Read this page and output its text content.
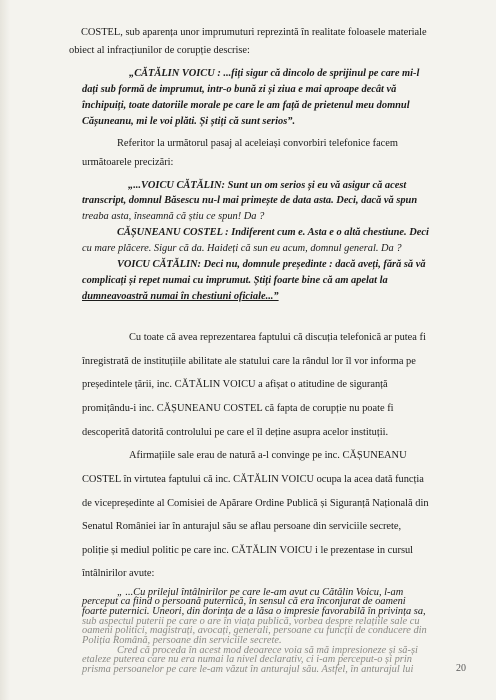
COSTEL, sub aparența unor imprumuturi reprezintă în realitate foloasele materiale
obiect al infracțiunilor de corupție descrise:
„CĂTĂLIN VOICU : ...fiți sigur că dincolo de sprijinul pe care mi-l
dați sub formă de imprumut, intr-o bună zi și ziua e mai aproape decât vă
închipuiți, toate datoriile morale pe care le am față de prietenul meu domnul
Cășuneanu, mi le voi plăti. Și știți că sunt serios”.
Referitor la următorul pasaj al aceleiași convorbiri telefonice facem
următoarele precizări:
„...VOICU CĂTĂLIN: Sunt un om serios și eu vă asigur că acest
transcript, domnul Băsescu nu-l mai primește de data asta. Deci, dacă vă spun
treaba asta, înseamnă că știu ce spun! Da ?
CĂȘUNEANU COSTEL : Indiferent cum e. Asta e o altă chestiune. Deci
cu mare plăcere. Sigur că da. Haideți că sun eu acum, domnul general. Da ?
VOICU CĂTĂLIN: Deci nu, domnule președinte : dacă aveți, fără să vă
complicați și repet numai cu imprumut. Știți foarte bine că am apelat la
dumneavoastră numai în chestiuni oficiale...”
Cu toate că avea reprezentarea faptului că discuția telefonică ar putea fi
înregistrată de instituțiile abilitate ale statului care la rândul lor îl vor informa pe
președintele țării, inc. CĂTĂLIN VOICU a afișat o atitudine de siguranță
promițându-i inc. CĂȘUNEANU COSTEL că fapta de corupție nu poate fi
descoperită datorită controlului pe care el îl deține asupra acelor instituții.
Afirmațiile sale erau de natură a-l convinge pe inc. CĂȘUNEANU
COSTEL în virtutea faptului că inc. CĂTĂLIN VOICU ocupa la acea dată funcția
de vicepreședinte al Comisiei de Apărare Ordine Publică și Siguranță Națională din
Senatul României iar în anturajul său se aflau persoane din serviciile secrete,
poliție și mediul politic pe care inc. CĂTĂLIN VOICU i le prezentase in cursul
întâlnirilor avute:
„ ...Cu prilejul întâlnirilor pe care le-am avut cu Cătălin Voicu, l-am
perceput ca fiind o persoană puternică, în sensul că era înconjurat de oameni
foarte puternici. Uneori, din dorința de a lăsa o impresie favorabilă în privința sa,
sub aspectul puterii pe care o are în viața publică, vorbea despre relațiile sale cu
oameni politici, magistrați, avocați, generali, persoane cu funcții de conducere din
Poliția Română, persoane din serviciile secrete.
Cred că proceda în acest mod deoarece voia să mă impresioneze și să-și
etaleze puterea care nu era numai la nivel declarativ, ci i-am perceput-o și prin
prisma persoanelor pe care le-am văzut în anturajul său. Astfel, în anturajul lui	20
